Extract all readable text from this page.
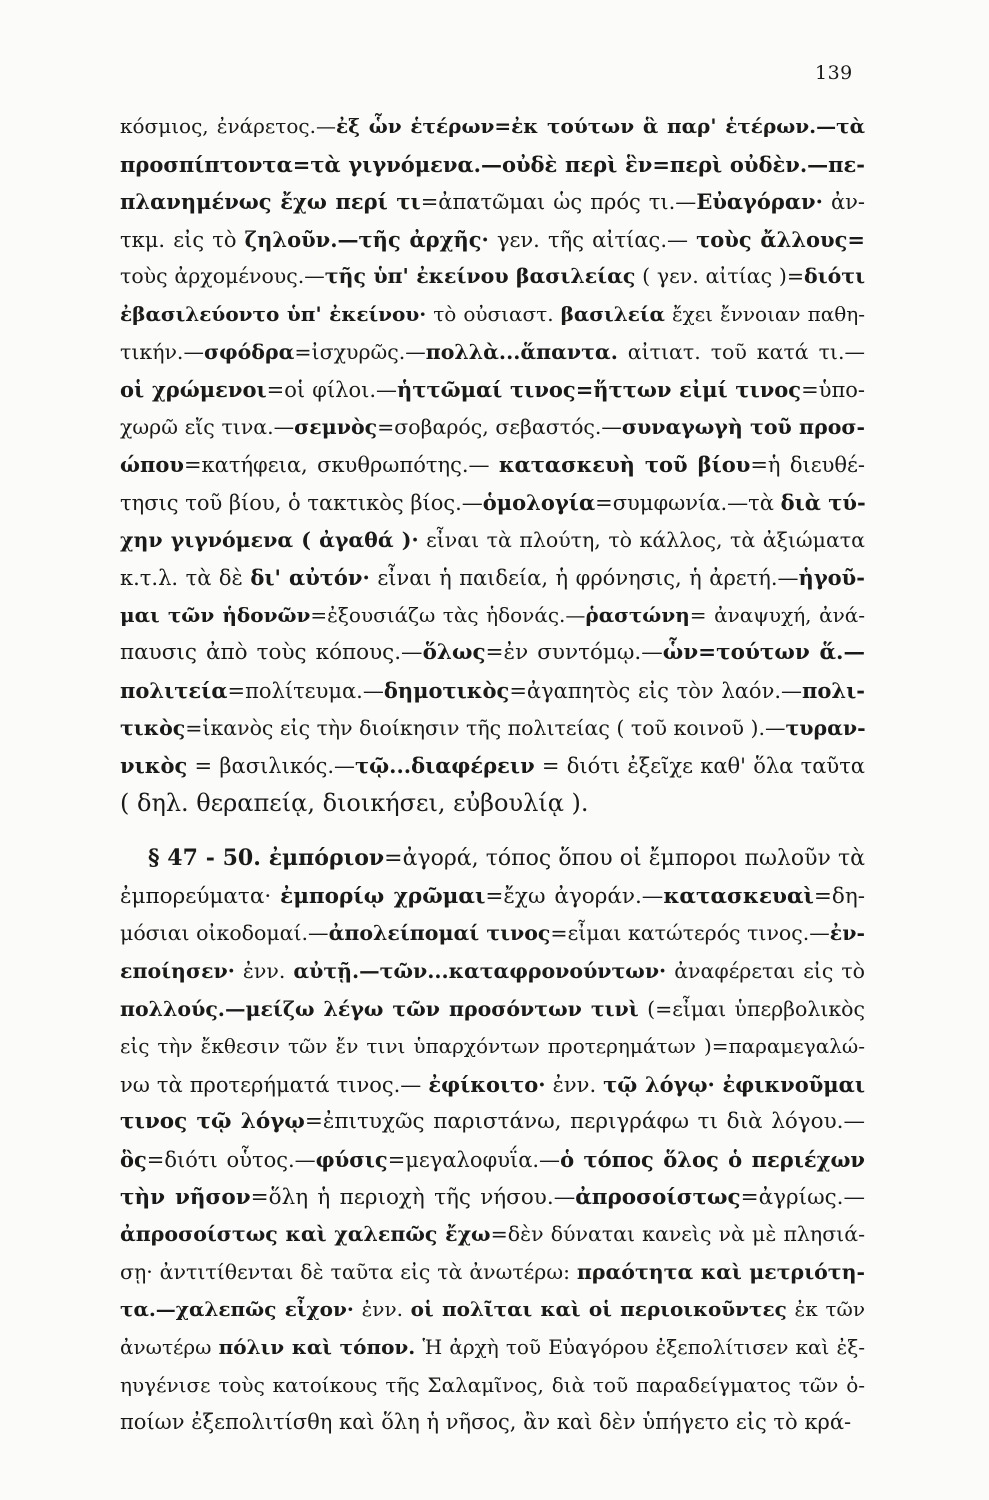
139
κόσμιος, ἐνάρετος.—ἐξ ὧν ἑτέρων=ἐκ τούτων ἃ παρ' ἑτέρων.—τὰ
προσπίπτοντα=τὰ γιγνόμενα.—οὐδὲ περὶ ἓν=περὶ οὐδὲν.—πε-
πλανημένως ἔχω περί τι=ἀπατῶμαι ὡς πρός τι.—Εὐαγόραν· ἀν-
τκμ. εἰς τὸ ζηλοῦν.—τῆς ἀρχῆς· γεν. τῆς αἰτίας.— τοὺς ἄλλους=
τοὺς ἀρχομένους.—τῆς ὑπ' ἐκείνου βασιλείας ( γεν. αἰτίας )=διότι
ἐβασιλεύοντο ὑπ' ἐκείνου· τὸ οὐσιαστ. βασιλεία ἔχει ἔννοιαν παθη-
τικήν.—σφόδρα=ἰσχυρῶς.—πολλὰ...ἅπαντα. αἰτιατ. τοῦ κατά τι.—
οἱ χρώμενοι=οἱ φίλοι.—ἡττῶμαί τινος=ἥττων εἰμί τινος=ὑπο-
χωρῶ εἴς τινα.—σεμνὸς=σοβαρός, σεβαστός.—συναγωγὴ τοῦ προσ-
ώπου=κατήφεια, σκυθρωπότης.— κατασκευὴ τοῦ βίου=ἡ διευθέ-
τησις τοῦ βίου, ὁ τακτικὸς βίος.—ὁμολογία=συμφωνία.—τὰ διὰ τύ-
χην γιγνόμενα ( ἀγαθά )· εἶναι τὰ πλούτη, τὸ κάλλος, τὰ ἀξιώματα
κ.τ.λ. τὰ δὲ δι' αὐτόν· εἶναι ἡ παιδεία, ἡ φρόνησις, ἡ ἀρετή.—ἡγοῦ-
μαι τῶν ἡδονῶν=ἐξουσιάζω τὰς ἡδονάς.—ῥαστώνη= ἀναψυχή, ἀνά-
παυσις ἀπὸ τοὺς κόπους.—ὅλως=ἐν συντόμῳ.—ὧν=τούτων ἅ.—
πολιτεία=πολίτευμα.—δημοτικὸς=ἀγαπητὸς εἰς τὸν λαόν.—πολι-
τικὸς=ἱκανὸς εἰς τὴν διοίκησιν τῆς πολιτείας ( τοῦ κοινοῦ ).—τυραν-
νικὸς = βασιλικός.—τῷ...διαφέρειν = διότι ἐξεῖχε καθ' ὅλα ταῦτα
( δηλ. θεραπείᾳ, διοικήσει, εὐβουλίᾳ ).
§ 47 - 50. ἐμπόριον=ἀγορά, τόπος ὅπου οἱ ἔμποροι πωλοῦν τὰ
ἐμπορεύματα· ἐμπορίῳ χρῶμαι=ἔχω ἀγοράν.—κατασκευαὶ=δη-
μόσιαι οἰκοδομαί.—ἀπολείπομαί τινος=εἶμαι κατώτερός τινος.—ἐν-
εποίησεν· ἐνν. αὐτῇ.—τῶν...καταφρονούντων· ἀναφέρεται εἰς τὸ
πολλούς.—μείζω λέγω τῶν προσόντων τινὶ (=εἶμαι ὑπερβολικὸς
εἰς τὴν ἔκθεσιν τῶν ἔν τινι ὑπαρχόντων προτερημάτων )=παραμεγαλώ-
νω τὰ προτερήματά τινος.— ἐφίκοιτο· ἐνν. τῷ λόγῳ· ἐφικνοῦμαι
τινος τῷ λόγῳ=ἐπιτυχῶς παριστάνω, περιγράφω τι διὰ λόγου.—
ὃς=διότι οὗτος.—φύσις=μεγαλοφυΐα.—ὁ τόπος ὅλος ὁ περιέχων
τὴν νῆσον=ὅλη ἡ περιοχὴ τῆς νήσου.—ἀπροσοίστως=ἀγρίως.—
ἀπροσοίστως καὶ χαλεπῶς ἔχω=δὲν δύναται κανεὶς νὰ μὲ πλησιά-
σῃ· ἀντιτίθενται δὲ ταῦτα εἰς τὰ ἀνωτέρω: πραότητα καὶ μετριότη-
τα.—χαλεπῶς εἶχον· ἐνν. οἱ πολῖται καὶ οἱ περιοικοῦντες ἐκ τῶν
ἀνωτέρω πόλιν καὶ τόπον. Ἡ ἀρχὴ τοῦ Εὐαγόρου ἐξεπολίτισεν καὶ ἐξ-
ηυγένισε τοὺς κατοίκους τῆς Σαλαμῖνος, διὰ τοῦ παραδείγματος τῶν ὁ-
ποίων ἐξεπολιτίσθη καὶ ὅλη ἡ νῆσος, ἂν καὶ δὲν ὑπήγετο εἰς τὸ κρά-
